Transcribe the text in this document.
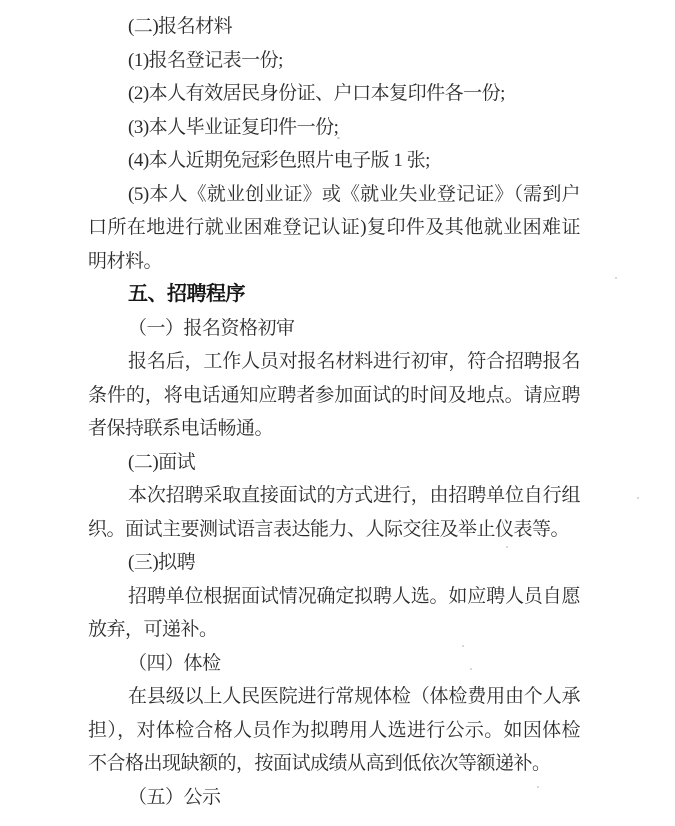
(二)报名材料
(1)报名登记表一份;
(2)本人有效居民身份证、户口本复印件各一份;
(3)本人毕业证复印件一份;
(4)本人近期免冠彩色照片电子版 1 张;
(5)本人《就业创业证》或《就业失业登记证》（需到户
口所在地进行就业困难登记认证)复印件及其他就业困难证
明材料。
五、招聘程序
（一）报名资格初审
报名后，工作人员对报名材料进行初审，符合招聘报名
条件的，将电话通知应聘者参加面试的时间及地点。请应聘
者保持联系电话畅通。
(二)面试
本次招聘采取直接面试的方式进行，由招聘单位自行组
织。面试主要测试语言表达能力、人际交往及举止仪表等。
(三)拟聘
招聘单位根据面试情况确定拟聘人选。如应聘人员自愿
放弃，可递补。
（四）体检
在县级以上人民医院进行常规体检（体检费用由个人承
担），对体检合格人员作为拟聘用人选进行公示。如因体检
不合格出现缺额的，按面试成绩从高到低依次等额递补。
（五）公示
